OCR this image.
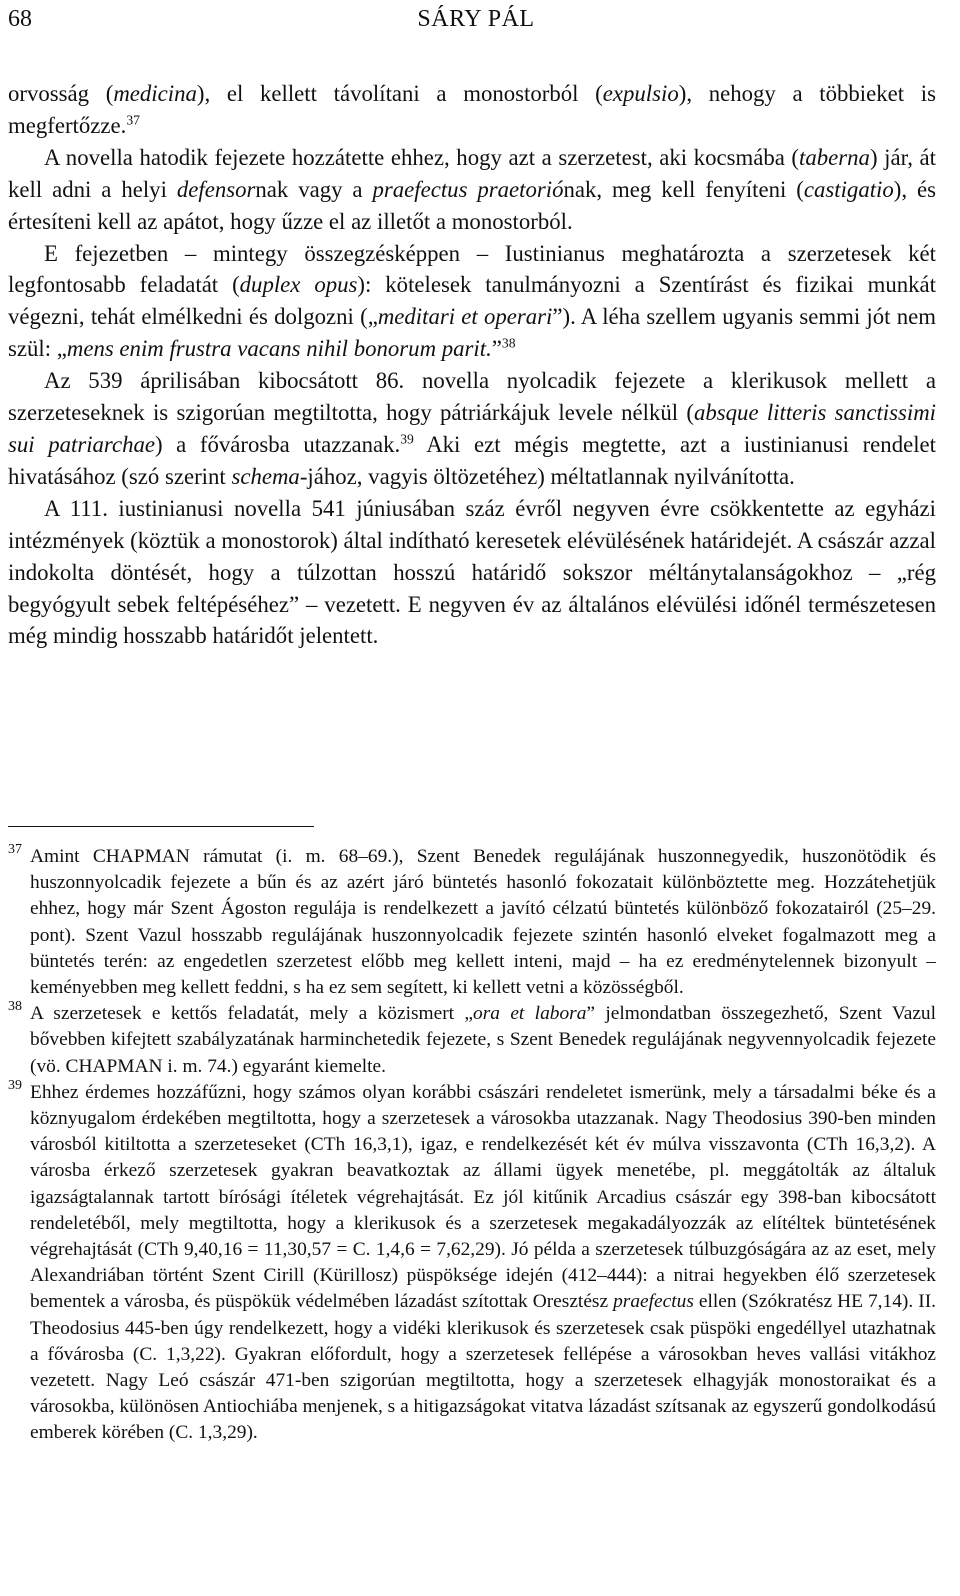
68	SÁRY PÁL

orvosság (medicina), el kellett távolítani a monostorból (expulsio), nehogy a többieket is megfertőzze.$^{37}$

A novella hatodik fejezete hozzátette ehhez, hogy azt a szerzetest, aki kocsmába (taberna) jár, át kell adni a helyi defensornak vagy a praefectus praetoriónak, meg kell fenyíteni (castigatio), és értesíteni kell az apátot, hogy űzze el az illetőt a monostorból.

E fejezetben – mintegy összegzésképpen – Iustinianus meghatározta a szerzetesek két legfontosabb feladatát (duplex opus): kötelesek tanulmányozni a Szentírást és fizikai munkát végezni, tehát elmélkedni és dolgozni („meditari et operari”). A léha szellem ugyanis semmi jót nem szül: „mens enim frustra vacans nihil bonorum parit.”$^{38}$

Az 539 áprilisában kibocsátott 86. novella nyolcadik fejezete a klerikusok mellett a szerzeteseknek is szigorúan megtiltotta, hogy pátriárkájuk levele nélkül (absque litteris sanctissimi sui patriarchae) a fővárosba utazzanak.$^{39}$ Aki ezt mégis megtette, azt a iustinianusi rendelet hivatásához (szó szerint schema-jához, vagyis öltözetéhez) méltatlannak nyilvánította.

A 111. iustinianusi novella 541 júniusában száz évről negyven évre csökkentette az egyházi intézmények (köztük a monostorok) által indítható keresetek elévülésének határidejét. A császár azzal indokolta döntését, hogy a túlzottan hosszú határidő sokszor méltánytalanságokhoz – „rég begyógyult sebek feltépéséhez” – vezetett. E negyven év az általános elévülési időnél természetesen még mindig hosszabb határidőt jelentett.

37 Amint CHAPMAN rámutat (i. m. 68–69.), Szent Benedek regulájának huszonnegyedik, huszonötödik és huszonnyolcadik fejezete a bűn és az azért járó büntetés hasonló fokozatait különböztette meg. Hozzátehetjük ehhez, hogy már Szent Ágoston regulája is rendelkezett a javító célzatú büntetés különböző fokozatairól (25–29. pont). Szent Vazul hosszabb regulájának huszonnyolcadik fejezete szintén hasonló elveket fogalmazott meg a büntetés terén: az engedetlen szerzetest előbb meg kellett inteni, majd – ha ez eredménytelennek bizonyult – keményebben meg kellett feddni, s ha ez sem segített, ki kellett vetni a közösségből.

38 A szerzetesek e kettős feladatát, mely a közismert „ora et labora” jelmondatban összegezhető, Szent Vazul bővebben kifejtett szabályzatának harminchetedik fejezete, s Szent Benedek regulájának negyvennyolcadik fejezete (vö. CHAPMAN i. m. 74.) egyaránt kiemelte.

39 Ehhez érdemes hozzáfűzni, hogy számos olyan korábbi császári rendeletet ismerünk, mely a társadalmi béke és a köznyugalom érdekében megtiltotta, hogy a szerzetesek a városokba utazzanak. Nagy Theodosius 390-ben minden városból kitiltotta a szerzeteseket (CTh 16,3,1), igaz, e rendelkezését két év múlva visszavonta (CTh 16,3,2). A városba érkező szerzetesek gyakran beavatkoztak az állami ügyek menetébe, pl. meggátolták az általuk igazságtalannak tartott bírósági ítéletek végrehajtását. Ez jól kitűnik Arcadius császár egy 398-ban kibocsátott rendeletéből, mely megtiltotta, hogy a klerikusok és a szerzetesek megakadályozzák az elítéltek büntetésének végrehajtását (CTh 9,40,16 = 11,30,57 = C. 1,4,6 = 7,62,29). Jó példa a szerzetesek túlbuzgóságára az az eset, mely Alexandriában történt Szent Cirill (Kürillosz) püspöksége idején (412–444): a nitrai hegyekben élő szerzetesek bementek a városba, és püspökük védelmében lázadást szítottak Oresztész praefectus ellen (Szókratész HE 7,14). II. Theodosius 445-ben úgy rendelkezett, hogy a vidéki klerikusok és szerzetesek csak püspöki engedéllyel utazhatnak a fővárosba (C. 1,3,22). Gyakran előfordult, hogy a szerzetesek fellépése a városokban heves vallási vitákhoz vezetett. Nagy Leó császár 471-ben szigorúan megtiltotta, hogy a szerzetesek elhagyják monostoraikat és a városokba, különösen Antiochiába menjenek, s a hitigazságokat vitatva lázadást szítsanak az egyszerű gondolkodású emberek körében (C. 1,3,29).
